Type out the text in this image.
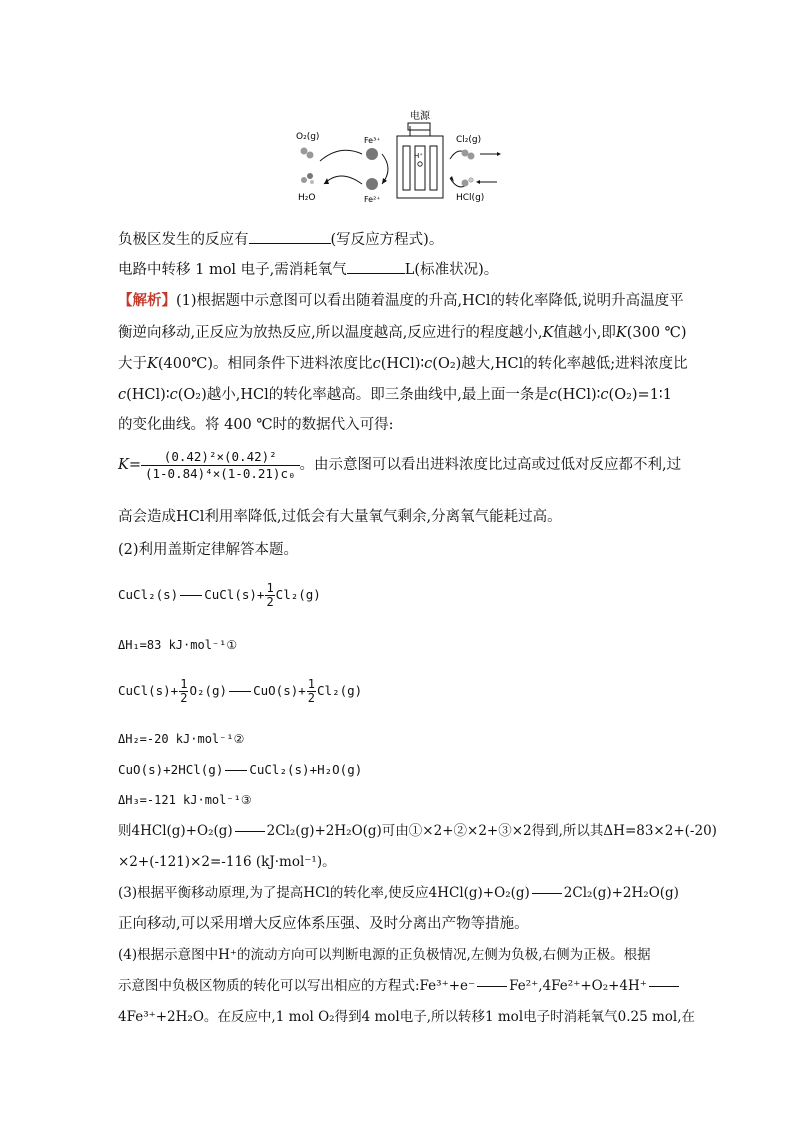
电源
H⁺
Fe³⁺
Fe²⁺
O₂(g)
H₂O
Cl₂(g)
HCl(g)
负极区发生的反应有	(写反应方程式)。
电路中转移 1 mol 电子,需消耗氧气	L(标准状况)。
【解析】(1)根据题中示意图可以看出随着温度的升高,HCl的转化率降低,说明升高温度平
衡逆向移动,正反应为放热反应,所以温度越高,反应进行的程度越小,K值越小,即K(300 ℃)
大于K(400℃)。相同条件下进料浓度比c(HCl)∶c(O₂)越大,HCl的转化率越低;进料浓度比
c(HCl)∶c(O₂)越小,HCl的转化率越高。即三条曲线中,最上面一条是c(HCl)∶c(O₂)=1∶1
的变化曲线。将 400 ℃时的数据代入可得:
$K= \frac{\text{(0.42)²×(0.42)²}}{\text{(1-0.84)⁴×(1-0.21)c₀}}$ 。由示意图可以看出进料浓度比过高或过低对反应都不利,过
高会造成HCl利用率降低,过低会有大量氧气剩余,分离氧气能耗过高。
(2)利用盖斯定律解答本题。
CuCl₂(s) CuCl(s)+ $\frac{1}{2} Cl_2(g)$
ΔH₁=83 kJ·mol⁻¹①
CuCl(s)+ $\frac{1}{2} O_2(g)$ $CuO(s)+ \frac{1}{2} Cl_2(g)$
ΔH₂=-20 kJ·mol⁻¹②
CuO(s)+2HCl(g) CuCl₂(s)+H₂O(g)
ΔH₃=-121 kJ·mol⁻¹③
则4HCl(g)+O₂(g)	2Cl₂(g)+2H₂O(g)可由①×2+②×2+③×2得到,所以其ΔH=83×2+(-20)
×2+(-121)×2=-116 (kJ·mol⁻¹)。
(3)根据平衡移动原理,为了提高HCl的转化率,使反应4HCl(g)+O₂(g)	2Cl₂(g)+2H₂O(g)
正向移动,可以采用增大反应体系压强、及时分离出产物等措施。
(4)根据示意图中H⁺的流动方向可以判断电源的正负极情况,左侧为负极,右侧为正极。根据
示意图中负极区物质的转化可以写出相应的方程式:Fe³⁺+e⁻	Fe²⁺,4Fe²⁺+O₂+4H⁺
4Fe³⁺+2H₂O。在反应中,1 mol O₂得到4 mol电子,所以转移1 mol电子时消耗氧气0.25 mol,在
